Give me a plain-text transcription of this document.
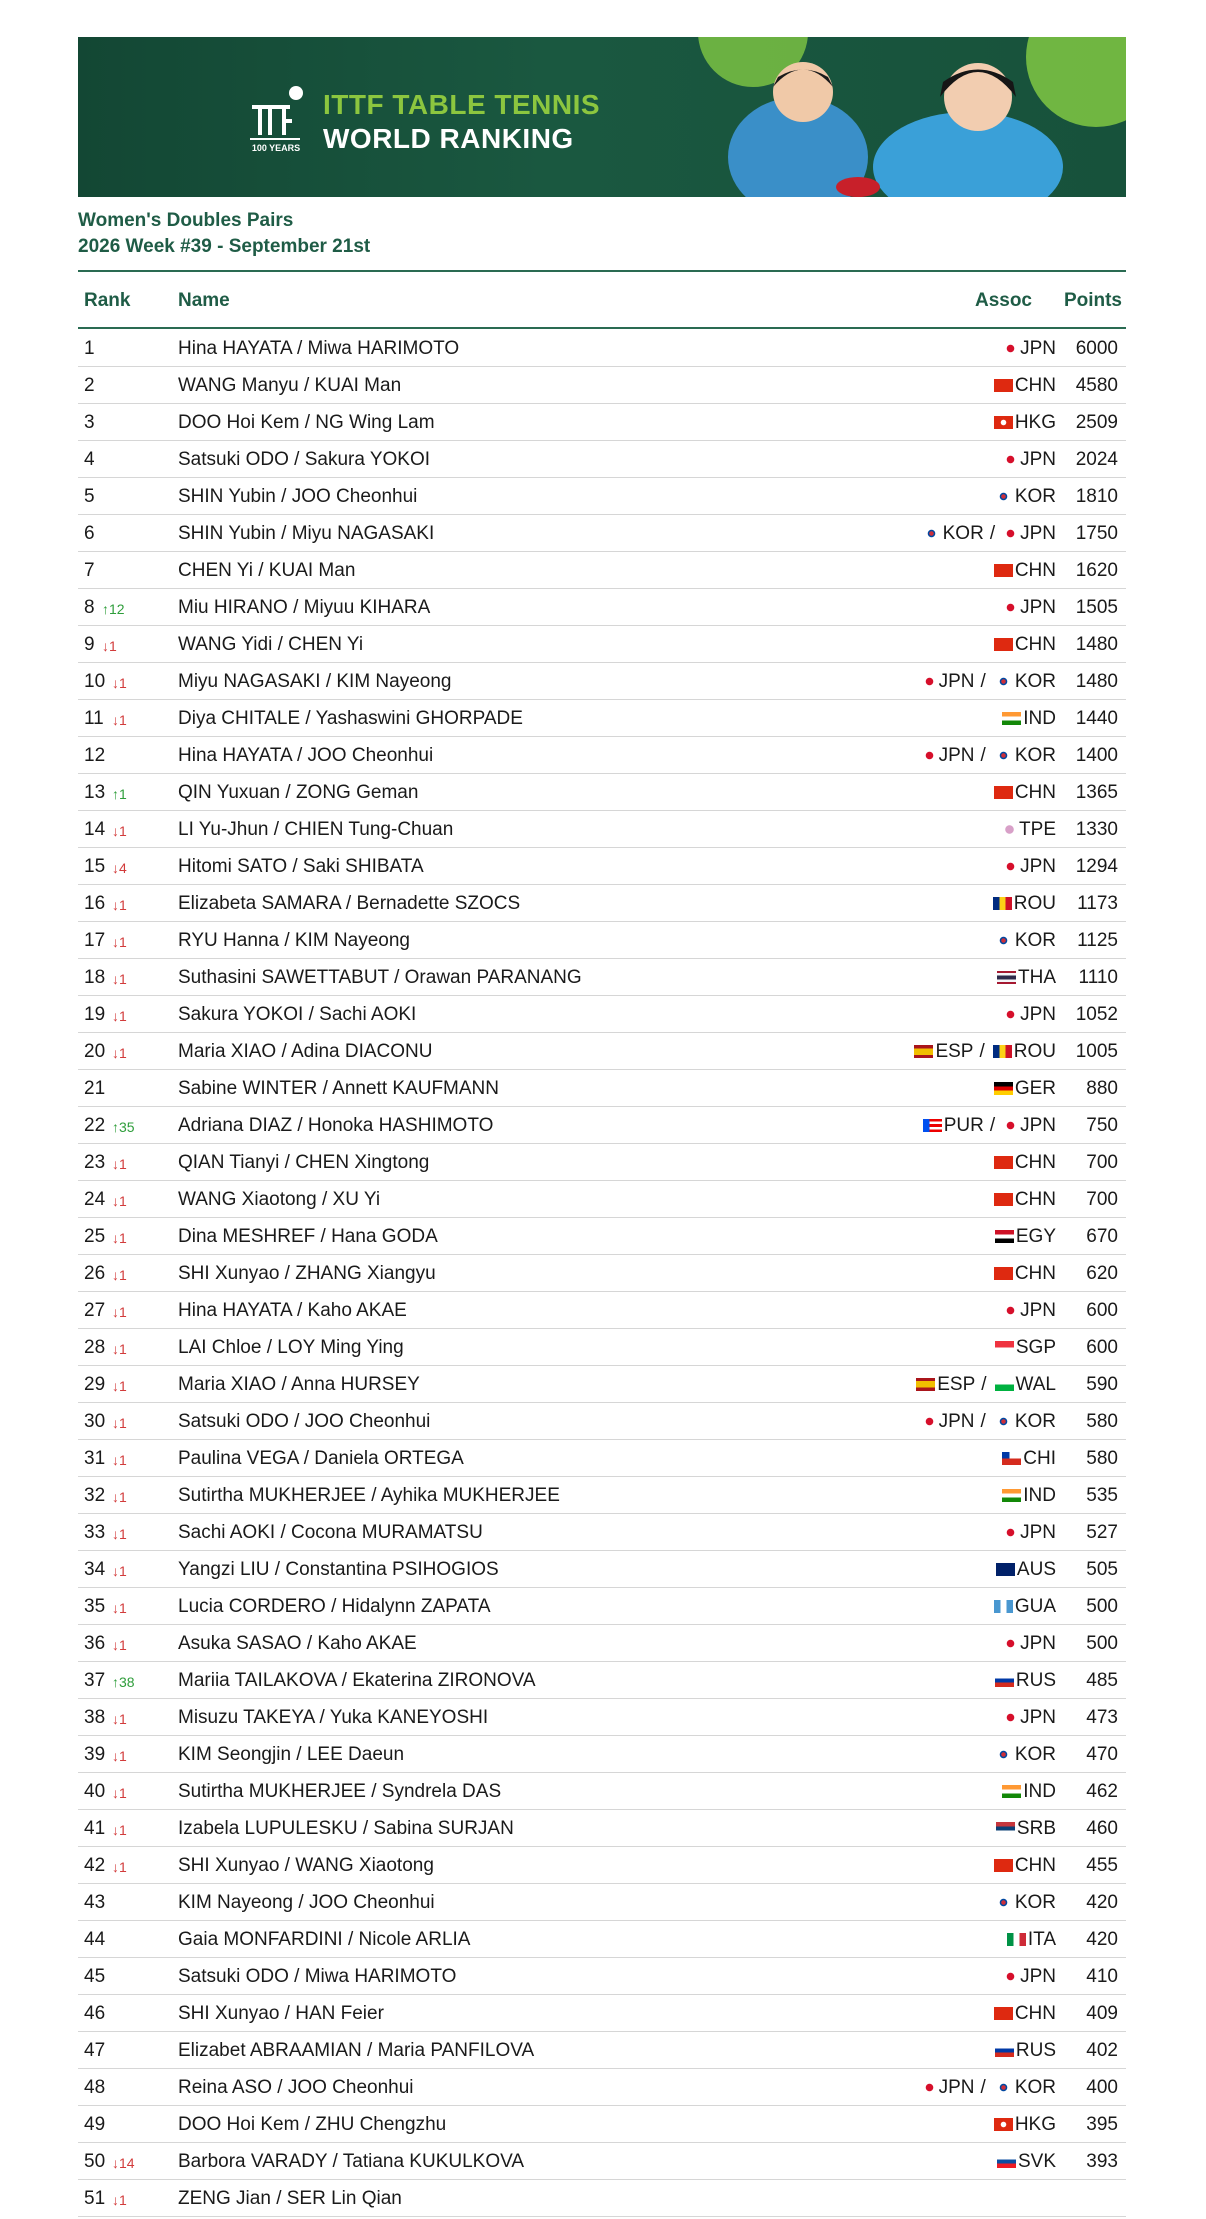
100 YEARS
ITTF TABLE TENNIS
WORLD RANKING
Women's Doubles Pairs
2026 Week #39 - September 21st
Rank	Name	Assoc Points
1	Hina HAYATA / Miwa HARIMOTO	JPN 6000
2	WANG Manyu / KUAI Man	CHN 4580
3	DOO Hoi Kem / NG Wing Lam	HKG 2509
4	Satsuki ODO / Sakura YOKOI	JPN 2024
5	SHIN Yubin / JOO Cheonhui	KOR 1810
6	SHIN Yubin / Miyu NAGASAKI	KOR / JPN 1750
7	CHEN Yi / KUAI Man	CHN 1620
8 ↑12	Miu HIRANO / Miyuu KIHARA	JPN 1505
9 ↓1	WANG Yidi / CHEN Yi	CHN 1480
10 ↓1	Miyu NAGASAKI / KIM Nayeong	JPN / KOR 1480
11 ↓1	Diya CHITALE / Yashaswini GHORPADE	IND 1440
12	Hina HAYATA / JOO Cheonhui	JPN / KOR 1400
13 ↑1	QIN Yuxuan / ZONG Geman	CHN 1365
14 ↓1	LI Yu-Jhun / CHIEN Tung-Chuan	TPE 1330
15 ↓4	Hitomi SATO / Saki SHIBATA	JPN 1294
16 ↓1	Elizabeta SAMARA / Bernadette SZOCS	ROU 1173
17 ↓1	RYU Hanna / KIM Nayeong	KOR 1125
18 ↓1	Suthasini SAWETTABUT / Orawan PARANANG	THA 1110
19 ↓1	Sakura YOKOI / Sachi AOKI	JPN 1052
20 ↓1	Maria XIAO / Adina DIACONU	ESP / ROU 1005
21	Sabine WINTER / Annett KAUFMANN	GER 880
22 ↑35 Adriana DIAZ / Honoka HASHIMOTO	PUR / JPN 750
23 ↓1	QIAN Tianyi / CHEN Xingtong	CHN 700
24 ↓1	WANG Xiaotong / XU Yi	CHN 700
25 ↓1	Dina MESHREF / Hana GODA	EGY 670
26 ↓1	SHI Xunyao / ZHANG Xiangyu	CHN 620
27 ↓1	Hina HAYATA / Kaho AKAE	JPN 600
28 ↓1	LAI Chloe / LOY Ming Ying	SGP 600
29 ↓1	Maria XIAO / Anna HURSEY	ESP / WAL 590
30 ↓1	Satsuki ODO / JOO Cheonhui	JPN / KOR 580
31 ↓1	Paulina VEGA / Daniela ORTEGA	CHI 580
32 ↓1	Sutirtha MUKHERJEE / Ayhika MUKHERJEE	IND 535
33 ↓1	Sachi AOKI / Cocona MURAMATSU	JPN 527
34 ↓1	Yangzi LIU / Constantina PSIHOGIOS	AUS 505
35 ↓1	Lucia CORDERO / Hidalynn ZAPATA	GUA 500
36 ↓1	Asuka SASAO / Kaho AKAE	JPN 500
37 ↑38 Mariia TAILAKOVA / Ekaterina ZIRONOVA	RUS 485
38 ↓1	Misuzu TAKEYA / Yuka KANEYOSHI	JPN 473
39 ↓1	KIM Seongjin / LEE Daeun	KOR 470
40 ↓1	Sutirtha MUKHERJEE / Syndrela DAS	IND 462
41 ↓1	Izabela LUPULESKU / Sabina SURJAN	SRB 460
42 ↓1	SHI Xunyao / WANG Xiaotong	CHN 455
43	KIM Nayeong / JOO Cheonhui	KOR 420
44	Gaia MONFARDINI / Nicole ARLIA	ITA 420
45	Satsuki ODO / Miwa HARIMOTO	JPN 410
46	SHI Xunyao / HAN Feier	CHN 409
47	Elizabet ABRAAMIAN / Maria PANFILOVA	RUS 402
48	Reina ASO / JOO Cheonhui	JPN / KOR 400
49	DOO Hoi Kem / ZHU Chengzhu	HKG 395
50 ↓14 Barbora VARADY / Tatiana KUKULKOVA	SVK 393
51 ↓1	ZENG Jian / SER Lin Qian
